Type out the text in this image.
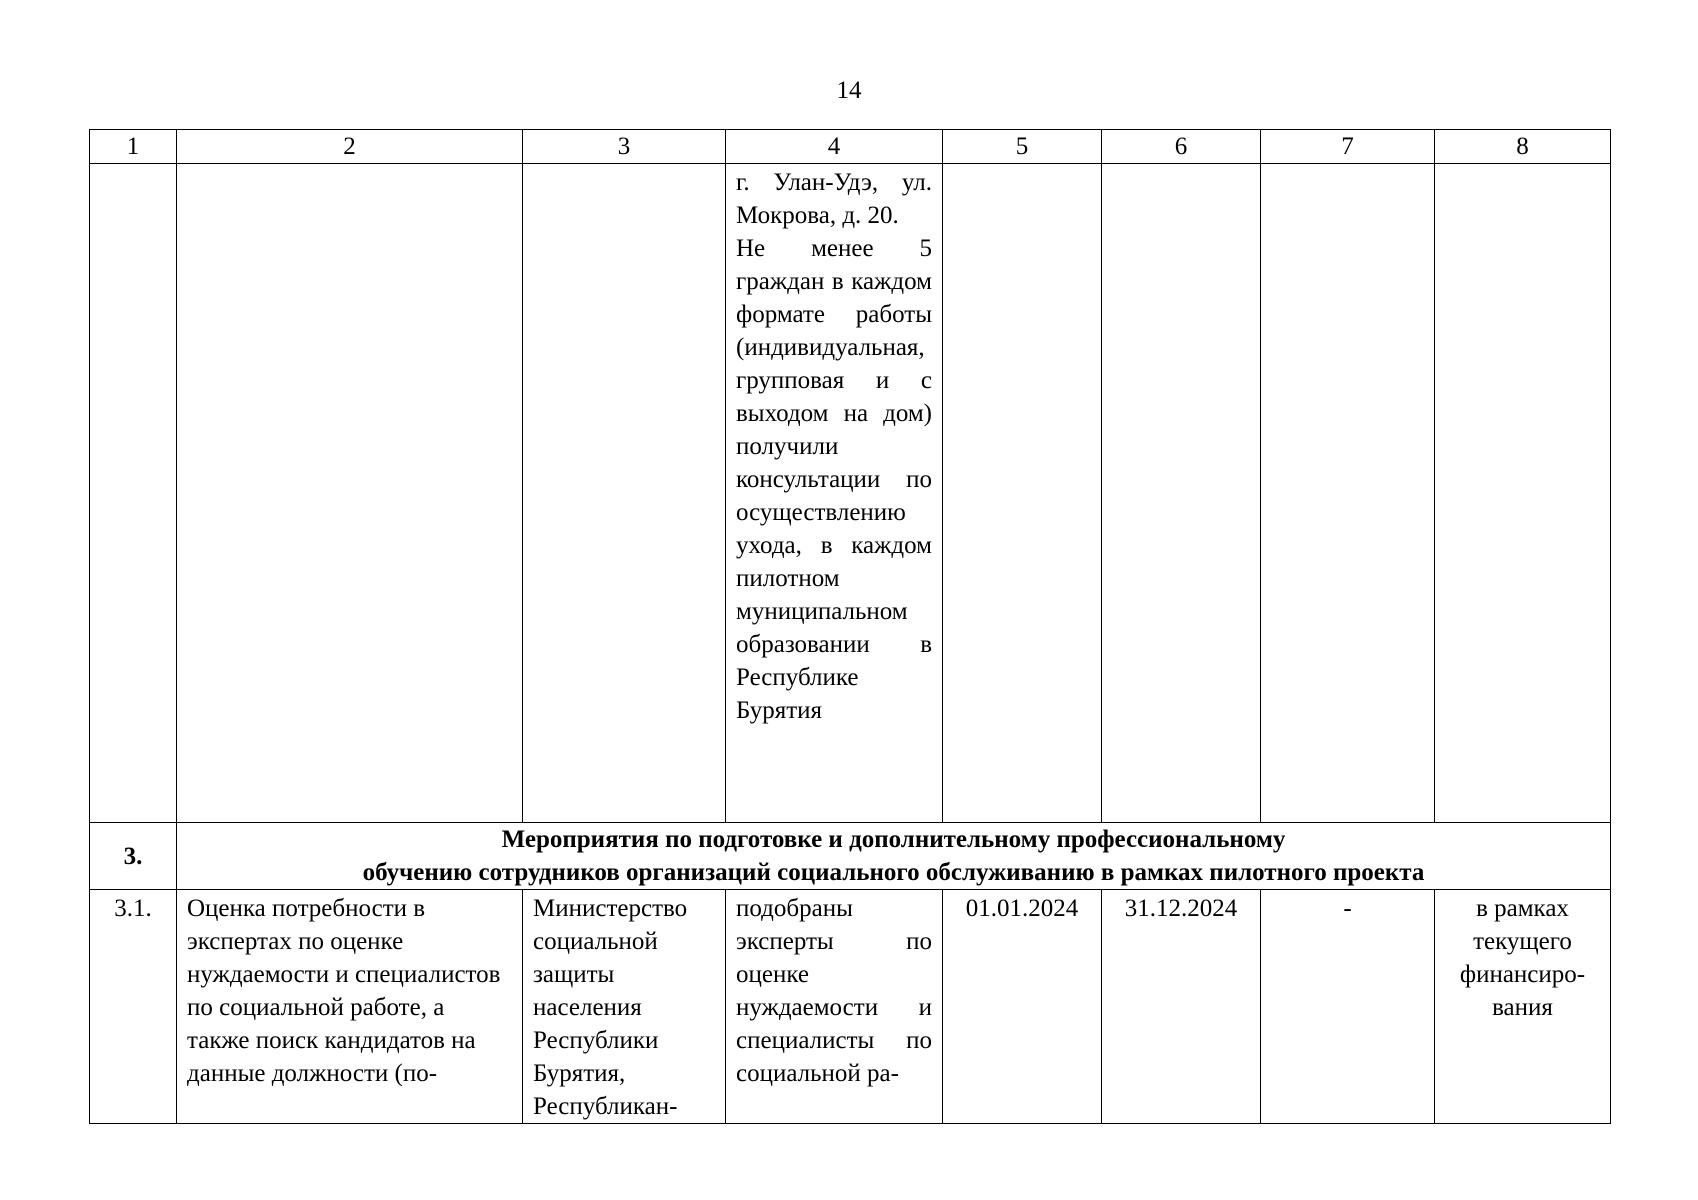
14
1	2	3	4	5	6	7	8
			г. Улан-Удэ, ул. Мокрова, д. 20.
Не менее 5 граждан в каждом формате работы (индивидуальная, групповая и с выходом на дом) получили консультации по осуществлению ухода, в каждом пилотном муниципальном образовании в Республике Бурятия				
3.	Мероприятия по подготовке и дополнительному профессиональному
обучению сотрудников организаций социального обслуживанию в рамках пилотного проекта						

3.1.	Оценка потребности в экспертах по оценке нуждаемости и специалистов по социальной работе, а также поиск кандидатов на данные должности (по-	Министерство социальной защиты населения Республики Бурятия, Республикан-	подобраны эксперты по оценке нуждаемости и специалисты по социальной ра-	01.01.2024	31.12.2024	-	в рамках
текущего
финансиро-
вания
